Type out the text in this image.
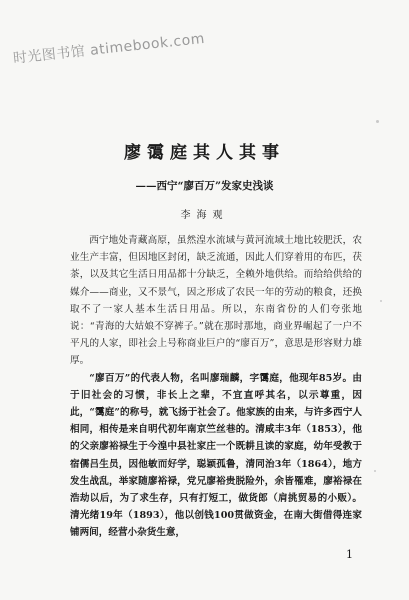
时光图书馆 atimebook.com
廖霭庭其人其事
——西宁“廖百万”发家史浅谈
李海观

西宁地处青藏高原，虽然湟水流域与黄河流域土地比较肥沃，农业生产丰富，但因地区封闭，缺乏流通，因此人们穿着用的布匹，茯茶，以及其它生活日用品都十分缺乏，全赖外地供给。而给给供给的媒介——商业，又不景气，因之形成了农民一年的劳动的粮食，还换取不了一家人基本生活日用品。所以，东南省份的人们夸张地说：“青海的大姑娘不穿裤子。”就在那时那地，商业界崛起了一户不平凡的人家，即社会上号称商业巨户的“廖百万”，意思是形容财力雄厚。

“廖百万”的代表人物，名叫廖瑞麟，字霭庭，他现年85岁。由于旧社会的习惯，非长上之辈，不宜直呼其名，以示尊重，因此，“霭庭”的称号，就飞扬于社会了。他家族的由来，与许多西宁人相同，相传是来自明代初年南京竺丝巷的。清咸丰3年（1853），他的父亲廖裕禄生于今湟中县社家庄一个既耕且读的家庭，幼年受教于宿儒吕生员，因他敏而好学，聪颖孤鲁，清同治3年（1864），地方发生战乱，举家随廖裕禄，党兄廖裕贵脱险外，余皆罹难，廖裕禄在浩劫以后，为了求生存，只有打短工，做货郎（肩挑贸易的小贩）。清光绪19年（1893），他以创钱100贯做资金，在南大街借得连家铺两间，经营小杂货生意，

1
